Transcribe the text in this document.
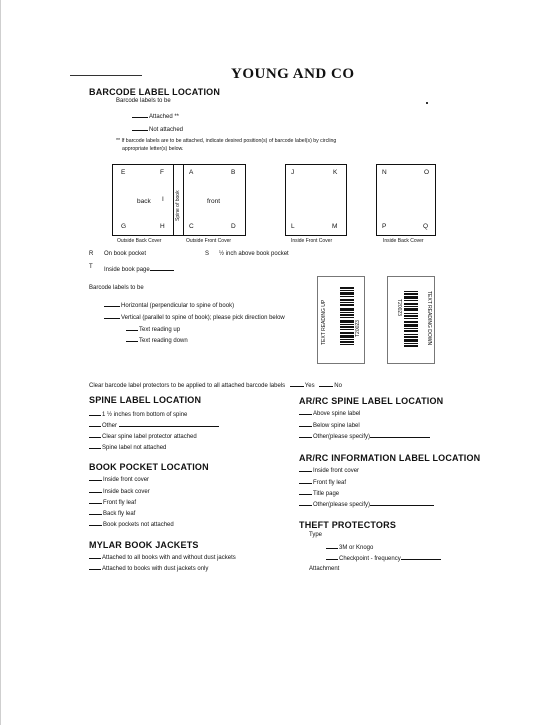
YOUNG AND CO
BARCODE LABEL LOCATION
Barcode labels to be
Attached **
Not attached
** If barcode labels are to be attached, indicate desired position(s) of barcode label(s) by circling
appropriate letter(s) below.
E	F	A	B
G	H	C	D
back I	front
Spine of book
Outside Back Cover	Outside Front Cover
J	K
L	M
Inside Front Cover
N	O
P	Q
Inside Back Cover
R On book pocket	S ½ inch above book pocket
T Inside book page
Barcode labels to be
Horizontal (perpendicular to spine of book)
Vertical (parallel to spine of book); please pick direction below
Text reading up
Text reading down	TEXT READING UP	T20023
T20023	TEXT READING DOWN
Clear barcode label protectors to be applied to all attached barcode labels	Yes	No
SPINE LABEL LOCATION
1 ½ inches from bottom of spine
Other
Clear spine label protector attached
Spine label not attached
BOOK POCKET LOCATION
Inside front cover
Inside back cover
Front fly leaf
Back fly leaf
Book pockets not attached
MYLAR BOOK JACKETS
Attached to all books with and without dust jackets
Attached to books with dust jackets only
AR/RC SPINE LABEL LOCATION
Above spine label
Below spine label
Other(please specify)
AR/RC INFORMATION LABEL LOCATION
Inside front cover
Front fly leaf
Title page
Other(please specify)
THEFT PROTECTORS
Type
3M or Knogo
Checkpoint - frequency
Attachment
